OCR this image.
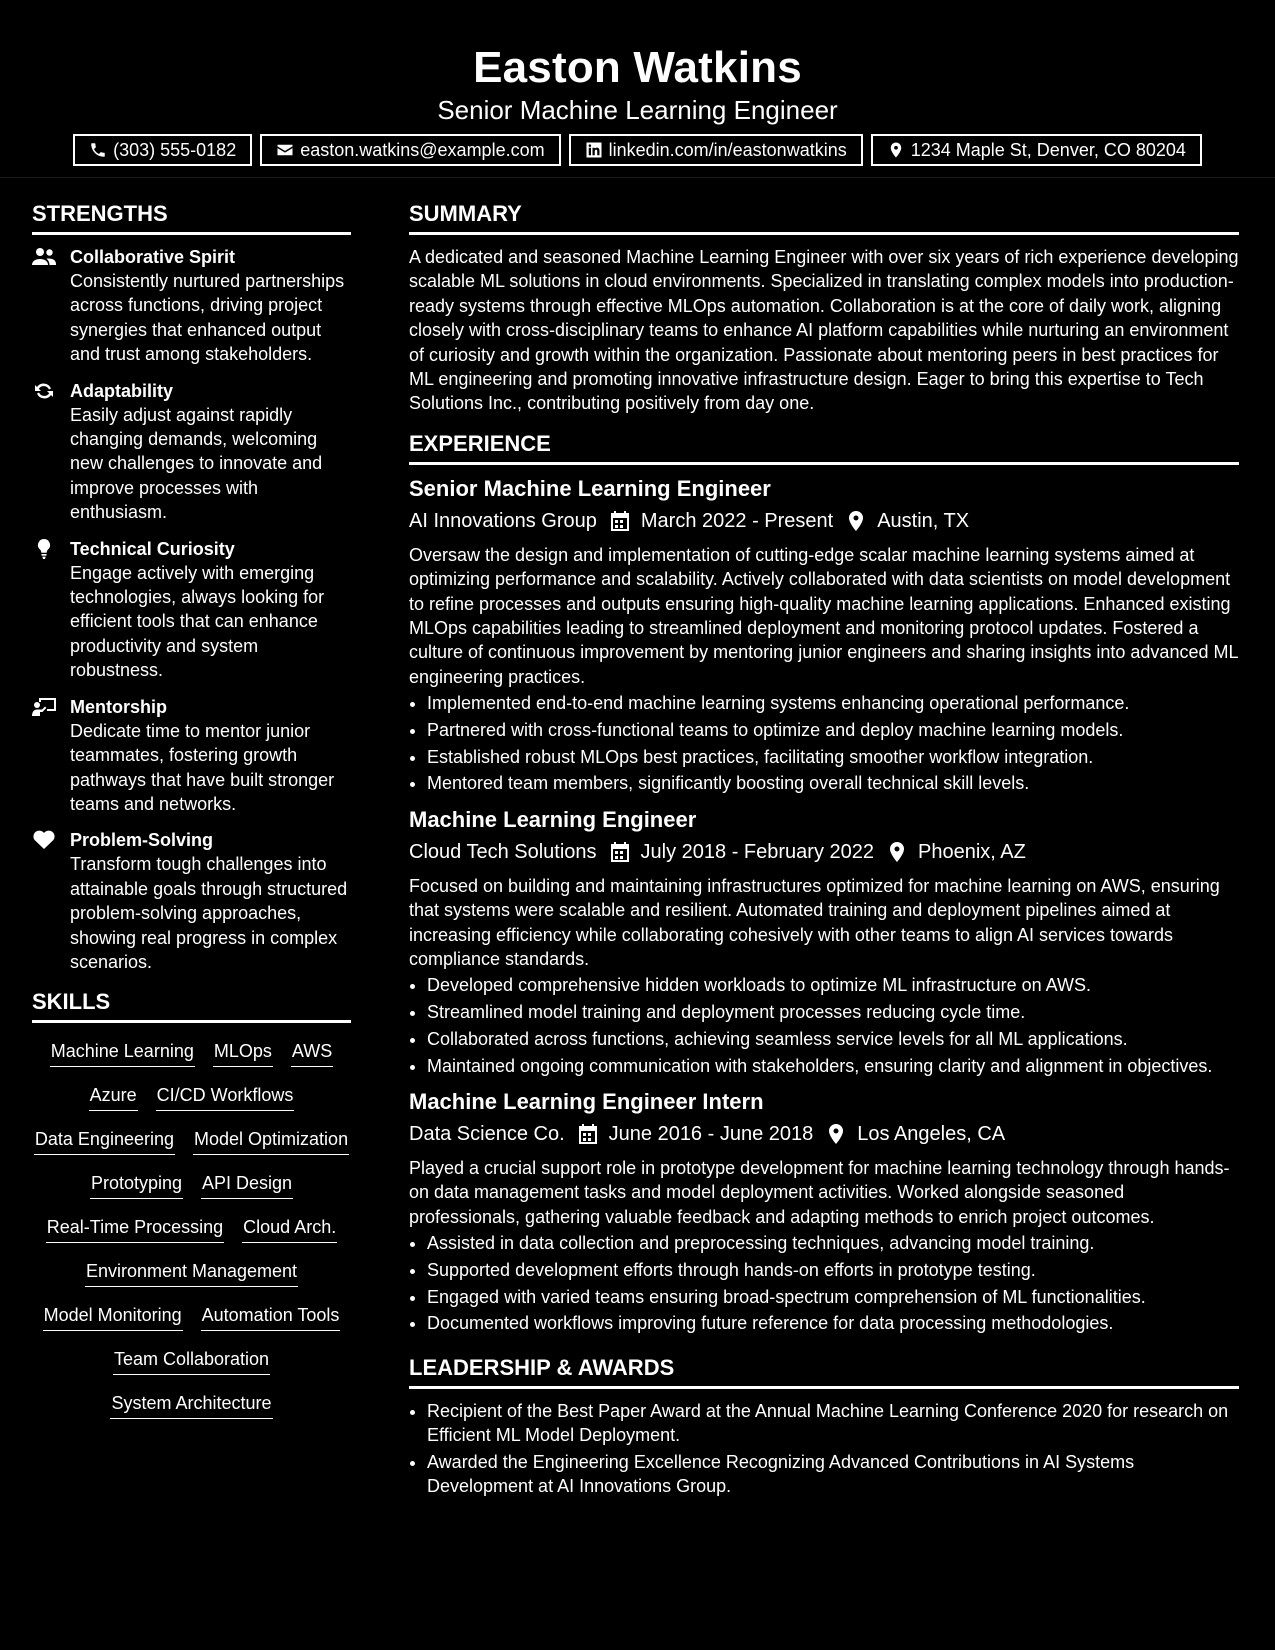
Easton Watkins
Senior Machine Learning Engineer
(303) 555-0182	easton.watkins@example.com	linkedin.com/in/eastonwatkins	1234 Maple St, Denver, CO 80204
STRENGTHS
Collaborative Spirit
Consistently nurtured partnerships across functions, driving project synergies that enhanced output and trust among stakeholders.
Adaptability
Easily adjust against rapidly changing demands, welcoming new challenges to innovate and improve processes with enthusiasm.
Technical Curiosity
Engage actively with emerging technologies, always looking for efficient tools that can enhance productivity and system robustness.
Mentorship
Dedicate time to mentor junior teammates, fostering growth pathways that have built stronger teams and networks.
Problem-Solving
Transform tough challenges into attainable goals through structured problem-solving approaches, showing real progress in complex scenarios.
SKILLS
Machine Learning MLOps AWS
Azure CI/CD Workflows
Data Engineering Model Optimization
Prototyping API Design
Real-Time Processing Cloud Arch.
Environment Management
Model Monitoring Automation Tools
Team Collaboration
System Architecture
SUMMARY

A dedicated and seasoned Machine Learning Engineer with over six years of rich experience developing scalable ML solutions in cloud environments. Specialized in translating complex models into production-ready systems through effective MLOps automation. Collaboration is at the core of daily work, aligning closely with cross-disciplinary teams to enhance AI platform capabilities while nurturing an environment of curiosity and growth within the organization. Passionate about mentoring peers in best practices for ML engineering and promoting innovative infrastructure design. Eager to bring this expertise to Tech Solutions Inc., contributing positively from day one.

EXPERIENCE
Senior Machine Learning Engineer
AI Innovations Group March 2022 - Present Austin, TX
Oversaw the design and implementation of cutting-edge scalar machine learning systems aimed at optimizing performance and scalability. Actively collaborated with data scientists on model development to refine processes and outputs ensuring high-quality machine learning applications. Enhanced existing MLOps capabilities leading to streamlined deployment and monitoring protocol updates. Fostered a culture of continuous improvement by mentoring junior engineers and sharing insights into advanced ML engineering practices.
• Implemented end-to-end machine learning systems enhancing operational performance.
• Partnered with cross-functional teams to optimize and deploy machine learning models.
• Established robust MLOps best practices, facilitating smoother workflow integration.
• Mentored team members, significantly boosting overall technical skill levels.
Machine Learning Engineer
Cloud Tech Solutions July 2018 - February 2022 Phoenix, AZ
Focused on building and maintaining infrastructures optimized for machine learning on AWS, ensuring that systems were scalable and resilient. Automated training and deployment pipelines aimed at increasing efficiency while collaborating cohesively with other teams to align AI services towards compliance standards.
• Developed comprehensive hidden workloads to optimize ML infrastructure on AWS.
• Streamlined model training and deployment processes reducing cycle time.
• Collaborated across functions, achieving seamless service levels for all ML applications.
• Maintained ongoing communication with stakeholders, ensuring clarity and alignment in objectives.
Machine Learning Engineer Intern
Data Science Co. June 2016 - June 2018 Los Angeles, CA
Played a crucial support role in prototype development for machine learning technology through hands-on data management tasks and model deployment activities. Worked alongside seasoned professionals, gathering valuable feedback and adapting methods to enrich project outcomes.
• Assisted in data collection and preprocessing techniques, advancing model training.
• Supported development efforts through hands-on efforts in prototype testing.
• Engaged with varied teams ensuring broad-spectrum comprehension of ML functionalities.
• Documented workflows improving future reference for data processing methodologies.
LEADERSHIP & AWARDS
• Recipient of the Best Paper Award at the Annual Machine Learning Conference 2020 for research on Efficient ML Model Deployment.
• Awarded the Engineering Excellence Recognizing Advanced Contributions in AI Systems Development at AI Innovations Group.
